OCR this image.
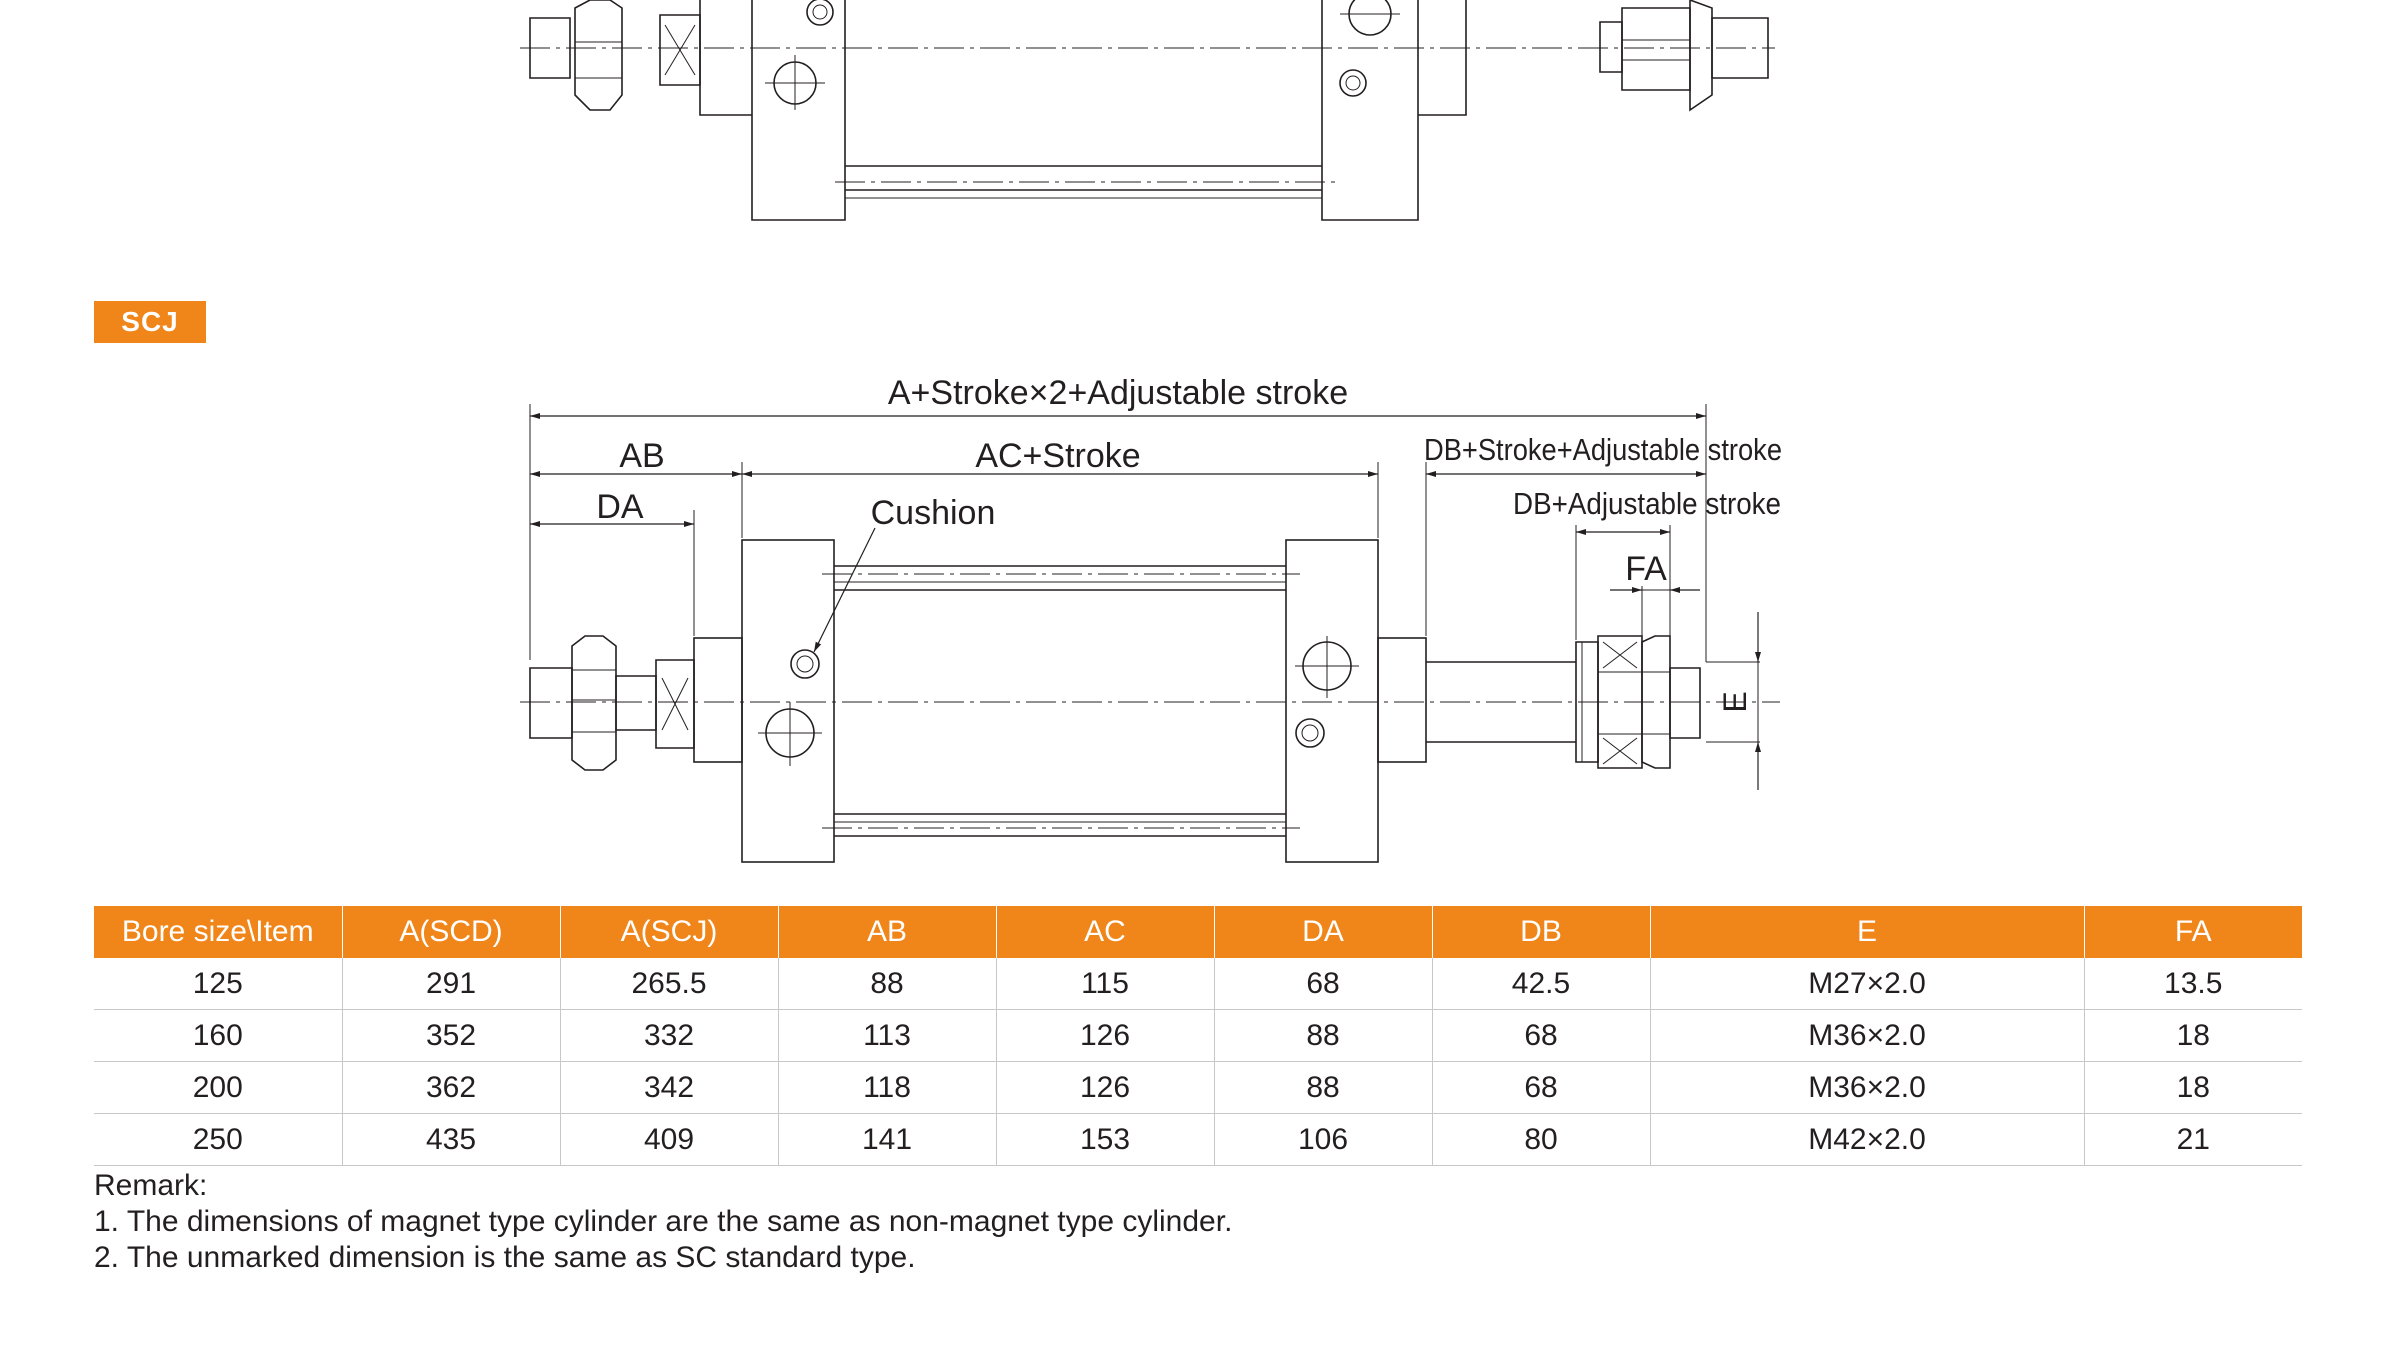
A+Stroke×2+Adjustable stroke
AB	AC+Stroke
DA	Cushion
DB+Stroke+Adjustable stroke
DB+Adjustable stroke
FA
E
SCJ
Bore size\Item	A(SCD)	A(SCJ)	AB	AC	DA	DB	E	FA
125	291	265.5	88	115	68	42.5	M27×2.0	13.5
160	352	332	113	126	88	68	M36×2.0	18
200	362	342	118	126	88	68	M36×2.0	18
250	435	409	141	153	106	80	M42×2.0	21
Remark:
1. The dimensions of magnet type cylinder are the same as non-magnet type cylinder.
2. The unmarked dimension is the same as SC standard type.
